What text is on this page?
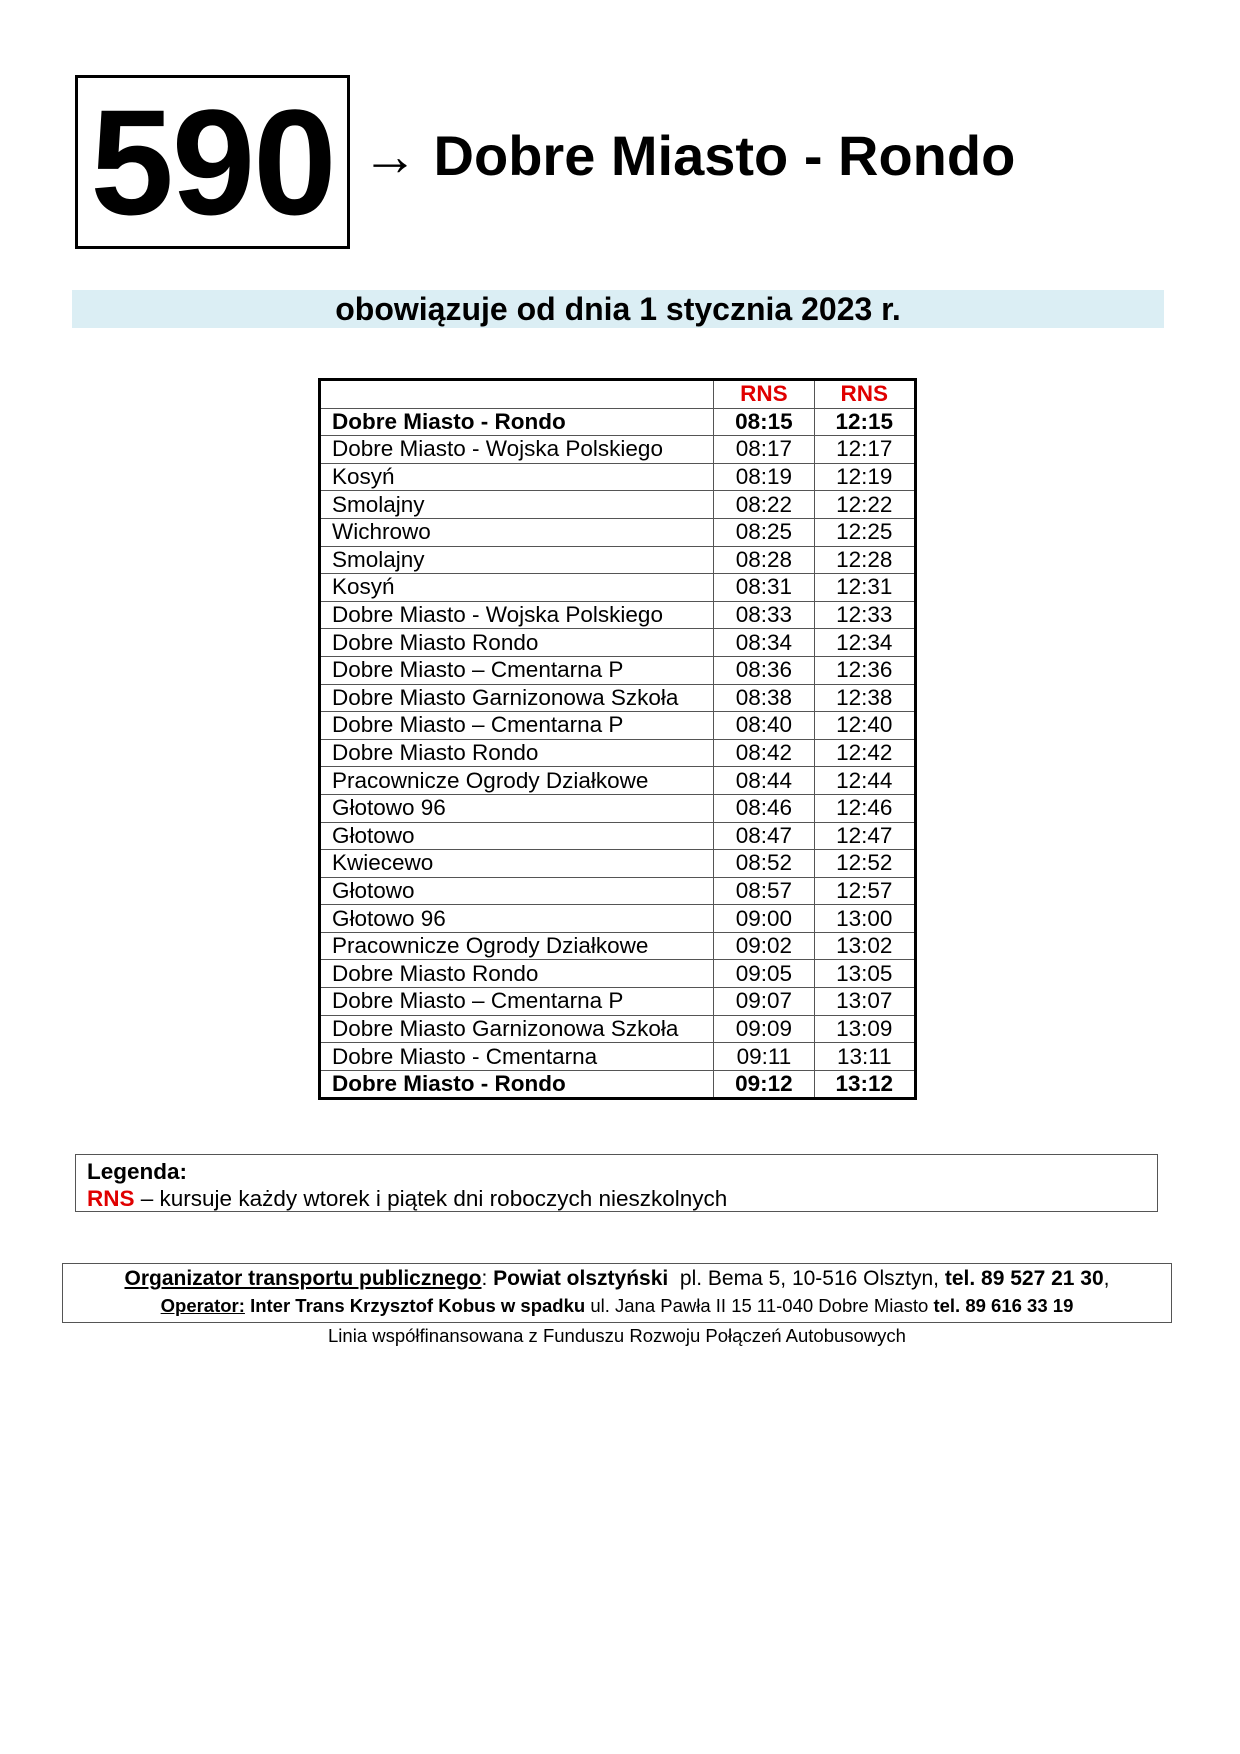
590 → Dobre Miasto - Rondo
obowiązuje od dnia 1 stycznia 2023 r.
	RNS	RNS
Dobre Miasto - Rondo	08:15	12:15
Dobre Miasto - Wojska Polskiego	08:17	12:17
Kosyń	08:19	12:19
Smolajny	08:22	12:22
Wichrowo	08:25	12:25
Smolajny	08:28	12:28
Kosyń	08:31	12:31
Dobre Miasto - Wojska Polskiego	08:33	12:33
Dobre Miasto Rondo	08:34	12:34
Dobre Miasto – Cmentarna P	08:36	12:36
Dobre Miasto Garnizonowa Szkoła	08:38	12:38
Dobre Miasto – Cmentarna P	08:40	12:40
Dobre Miasto Rondo	08:42	12:42
Pracownicze Ogrody Działkowe	08:44	12:44
Głotowo 96	08:46	12:46
Głotowo	08:47	12:47
Kwiecewo	08:52	12:52
Głotowo	08:57	12:57
Głotowo 96	09:00	13:00
Pracownicze Ogrody Działkowe	09:02	13:02
Dobre Miasto Rondo	09:05	13:05
Dobre Miasto – Cmentarna P	09:07	13:07
Dobre Miasto Garnizonowa Szkoła	09:09	13:09
Dobre Miasto - Cmentarna	09:11	13:11
Dobre Miasto - Rondo	09:12	13:12
Legenda:
RNS – kursuje każdy wtorek i piątek dni roboczych nieszkolnych
Organizator transportu publicznego: Powiat olsztyński pl. Bema 5, 10-516 Olsztyn, tel. 89 527 21 30,
Operator: Inter Trans Krzysztof Kobus w spadku ul. Jana Pawła II 15 11-040 Dobre Miasto tel. 89 616 33 19
Linia współfinansowana z Funduszu Rozwoju Połączeń Autobusowych
